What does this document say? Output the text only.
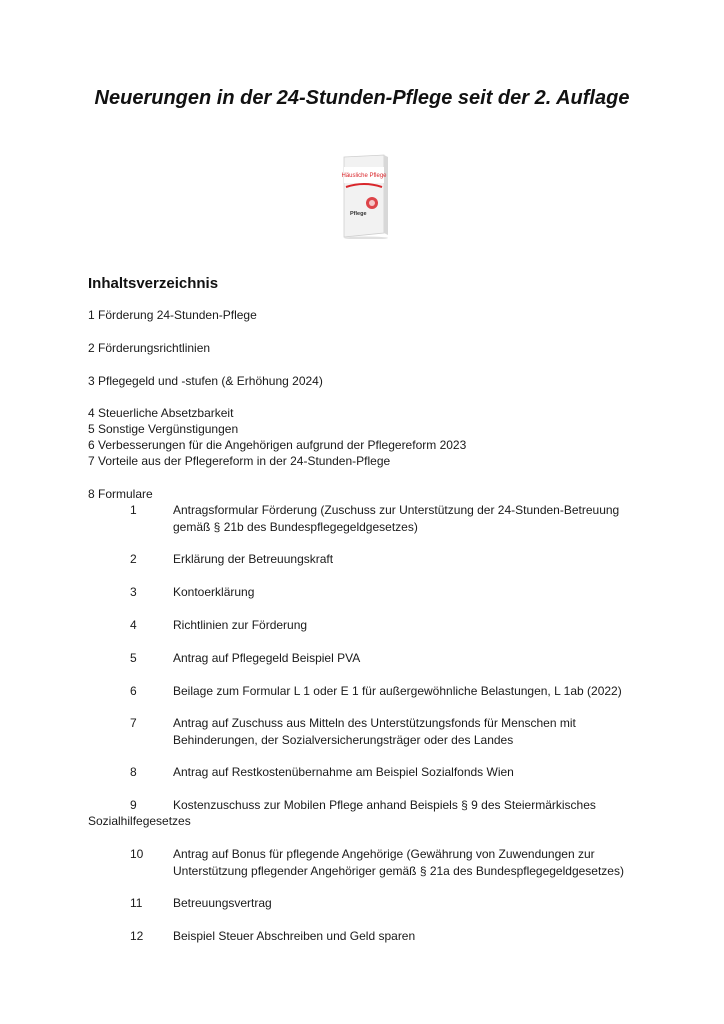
Neuerungen in der 24-Stunden-Pflege seit der 2. Auflage
Häusliche Pflege
Pflege
Inhaltsverzeichnis
1 Förderung 24-Stunden-Pflege
2 Förderungsrichtlinien
3 Pflegegeld und -stufen (& Erhöhung 2024)
4 Steuerliche Absetzbarkeit
5 Sonstige Vergünstigungen
6 Verbesserungen für die Angehörigen aufgrund der Pflegereform 2023
7 Vorteile aus der Pflegereform in der 24-Stunden-Pflege
8 Formulare
1	Antragsformular Förderung (Zuschuss zur Unterstützung der 24-Stunden-Betreuung gemäß § 21b des Bundespflegegeldgesetzes)
2	Erklärung der Betreuungskraft
3	Kontoerklärung
4	Richtlinien zur Förderung
5	Antrag auf Pflegegeld Beispiel PVA
6	Beilage zum Formular L 1 oder E 1 für außergewöhnliche Belastungen, L 1ab (2022)
7	Antrag auf Zuschuss aus Mitteln des Unterstützungsfonds für Menschen mit Behinderungen, der Sozialversicherungsträger oder des Landes
8	Antrag auf Restkostenübernahme am Beispiel Sozialfonds Wien
9	Kostenzuschuss zur Mobilen Pflege anhand Beispiels § 9 des Steiermärkisches
Sozialhilfegesetzes
10 Antrag auf Bonus für pflegende Angehörige (Gewährung von Zuwendungen zur Unterstützung pflegender Angehöriger gemäß § 21a des Bundespflegegeldgesetzes)
11	Betreuungsvertrag
12 Beispiel Steuer Abschreiben und Geld sparen
